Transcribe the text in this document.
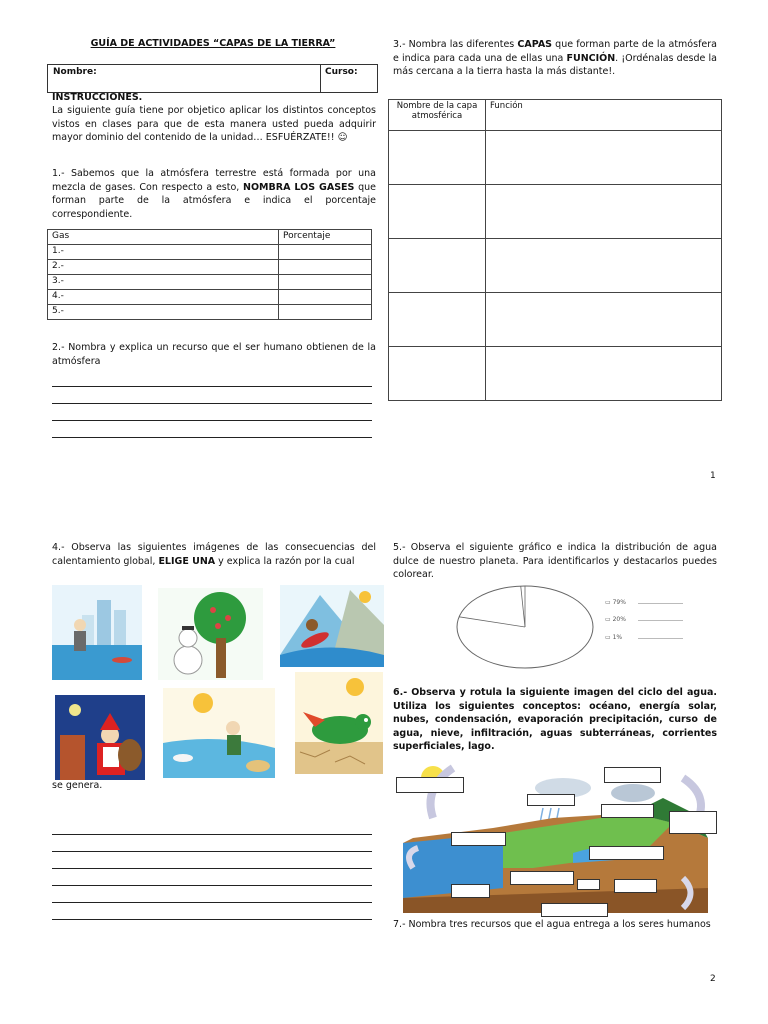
GUÍA DE ACTIVIDADES “CAPAS DE LA TIERRA”
Nombre:	Curso:
INSTRUCCIONES.
La siguiente guía tiene por objetico aplicar los distintos conceptos vistos en clases para que de esta manera usted pueda adquirir mayor dominio del contenido de la unidad… ESFUÉRZATE!! ☺
1.- Sabemos que la atmósfera terrestre está formada por una mezcla de gases. Con respecto a esto, NOMBRA LOS GASES que forman parte de la atmósfera e indica el porcentaje correspondiente.
Gas	Porcentaje
1.-	
2.-	
3.-	
4.-	
5.-	
2.- Nombra y explica un recurso que el ser humano obtienen de la atmósfera
3.- Nombra las diferentes CAPAS que forman parte de la atmósfera e indica para cada una de ellas una FUNCIÓN. ¡Ordénalas desde la más cercana a la tierra hasta la más distante!.
Nombre de la capa atmosférica	Función

1
4.- Observa las siguientes imágenes de las consecuencias del calentamiento global, ELIGE UNA y explica la razón por la cual
se genera.
5.- Observa el siguiente gráfico e indica la distribución de agua dulce de nuestro planeta. Para identificarlos y destacarlos puedes colorear.
▭ 79%
▭ 20%
▭ 1%
6.- Observa y rotula la siguiente imagen del ciclo del agua. Utiliza los siguientes conceptos: océano, energía solar, nubes, condensación, evaporación precipitación, curso de agua, nieve, infiltración, aguas subterráneas, corrientes superficiales, lago.
7.- Nombra tres recursos que el agua entrega a los seres humanos
2
